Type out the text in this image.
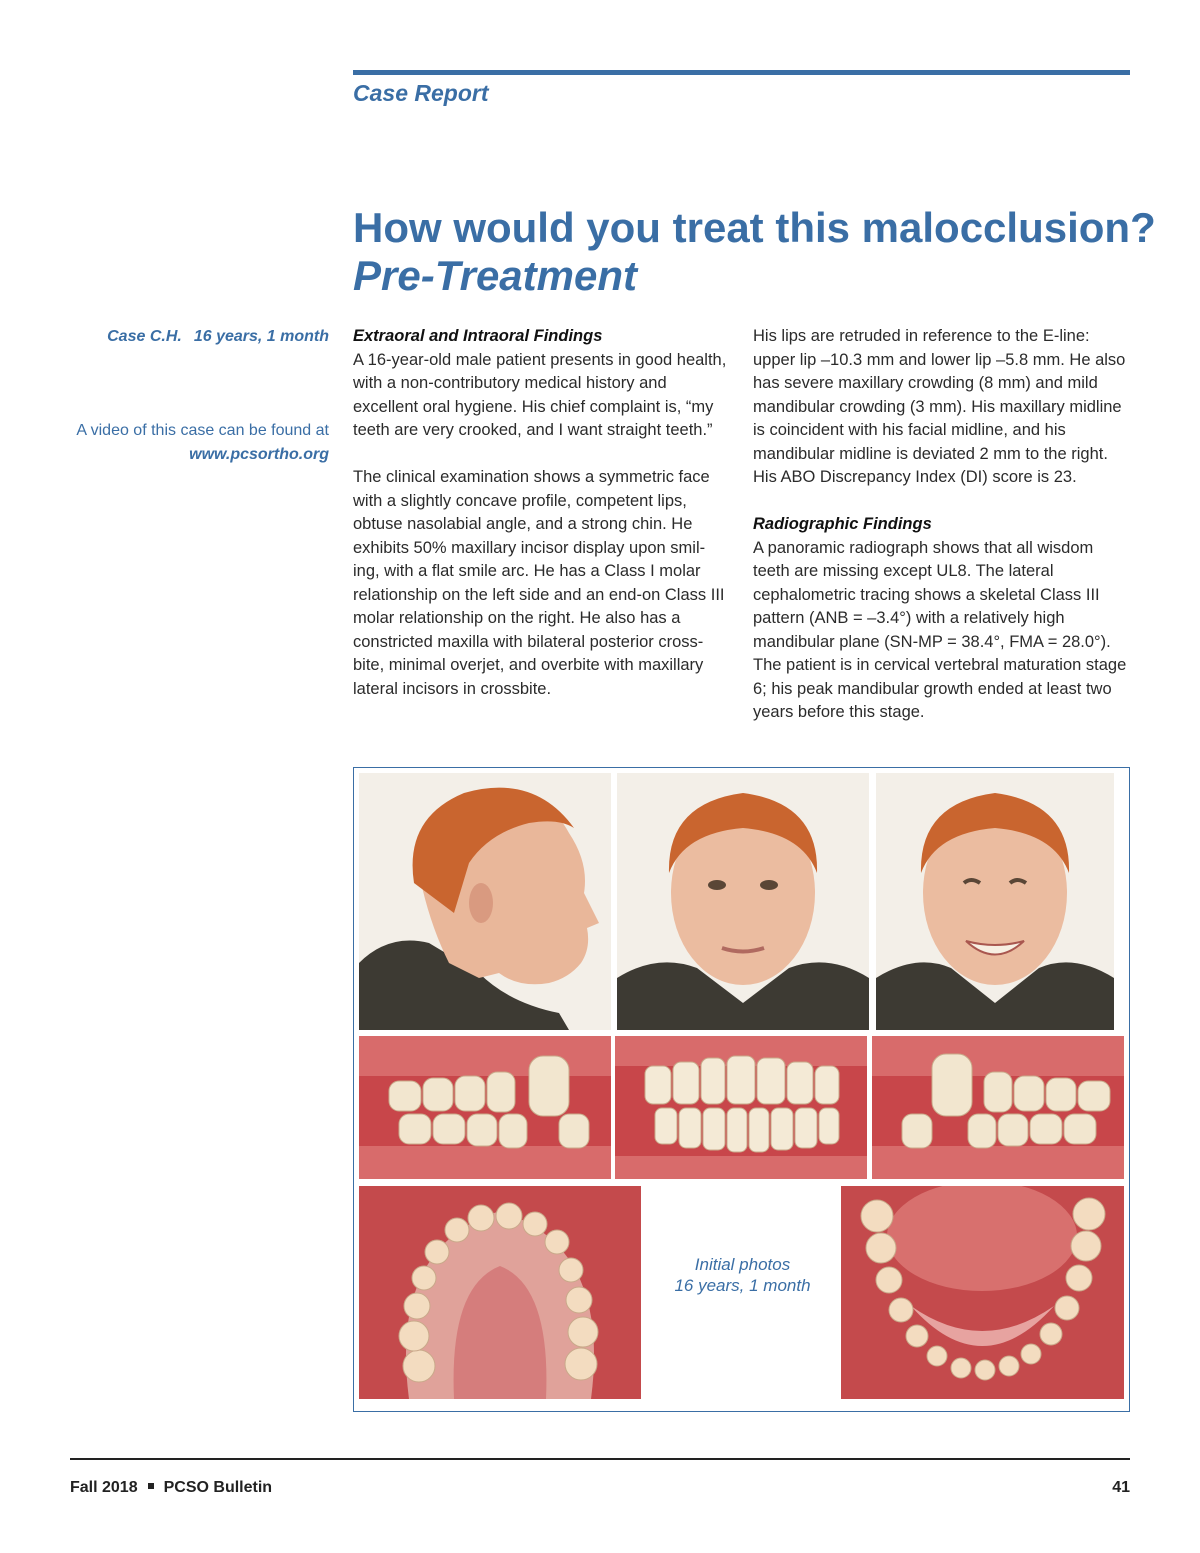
Case Report
How would you treat this malocclusion?
Pre-Treatment
Case C.H. 16 years, 1 month
A video of this case can be found at www.pcsortho.org

Extraoral and Intraoral Findings

A 16-year-old male patient presents in good health, with a non-contributory medical history and excellent oral hygiene. His chief complaint is, “my teeth are very crooked, and I want straight teeth.”

The clinical examination shows a symmetric face with a slightly concave profile, competent lips, obtuse nasolabial angle, and a strong chin. He exhibits 50% maxillary incisor display upon smil-ing, with a flat smile arc. He has a Class I molar relationship on the left side and an end-on Class III molar relationship on the right. He also has a constricted maxilla with bilateral posterior cross-bite, minimal overjet, and overbite with maxillary lateral incisors in crossbite.

His lips are retruded in reference to the E-line: upper lip –10.3 mm and lower lip –5.8 mm. He also has severe maxillary crowding (8 mm) and mild mandibular crowding (3 mm). His maxillary midline is coincident with his facial midline, and his mandibular midline is deviated 2 mm to the right. His ABO Discrepancy Index (DI) score is 23.

Radiographic Findings

A panoramic radiograph shows that all wisdom teeth are missing except UL8. The lateral cephalometric tracing shows a skeletal Class III pattern (ANB = –3.4°) with a relatively high mandibular plane (SN-MP = 38.4°, FMA = 28.0°). The patient is in cervical vertebral maturation stage 6; his peak mandibular growth ended at least two years before this stage.

Initial photos
16 years, 1 month
Fall 2018 PCSO Bulletin	41
